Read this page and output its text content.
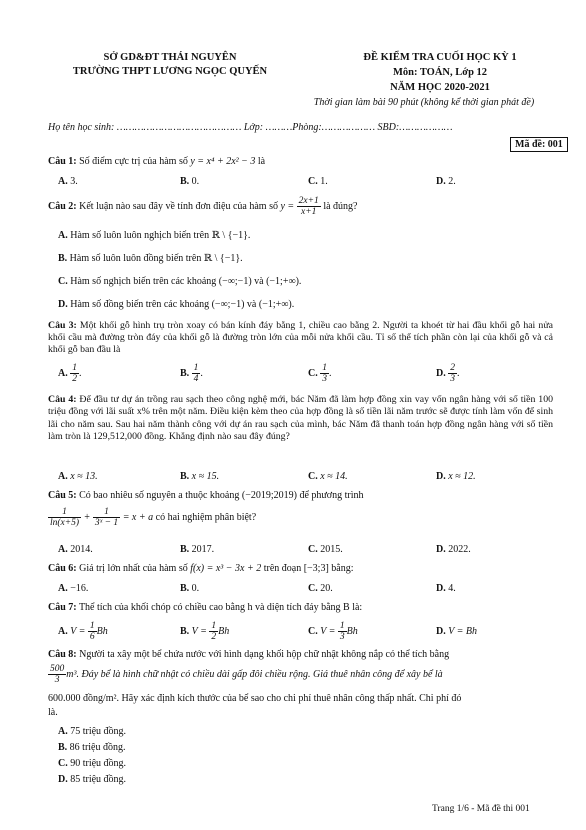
SỞ GD&ĐT THÁI NGUYÊN
TRƯỜNG THPT LƯƠNG NGỌC QUYẾN
ĐỀ KIỂM TRA CUỐI HỌC KỲ 1
Môn: TOÁN, Lớp 12
NĂM HỌC 2020-2021
Thời gian làm bài 90 phút (không kể thời gian phát đề)
Họ tên học sinh: …………………………………… Lớp: ………Phòng:……………… SBD:………………
Mã đề: 001
Câu 1: Số điểm cực trị của hàm số y = x⁴ + 2x² − 3 là
A. 3.	B. 0.	C. 1.	D. 2.
Câu 2: Kết luận nào sau đây về tính đơn điệu của hàm số $y = \frac{2x+1}{x+1}$ là đúng?
A. Hàm số luôn luôn nghịch biến trên ℝ \ {−1}.
B. Hàm số luôn luôn đồng biến trên ℝ \ {−1}.
C. Hàm số nghịch biến trên các khoảng (−∞;−1) và (−1;+∞).
D. Hàm số đồng biến trên các khoảng (−∞;−1) và (−1;+∞).
Câu 3: Một khối gỗ hình trụ tròn xoay có bán kính đáy bằng 1, chiều cao bằng 2. Người ta khoét từ hai đầu khối gỗ hai nửa khối cầu mà đường tròn đáy của khối gỗ là đường tròn lớn của mỗi nửa khối cầu. Tỉ số thể tích phần còn lại của khối gỗ và cả khối gỗ ban đầu là
A. $\frac{1}{2}$ .	B. $\frac{1}{4}$ .	C. $\frac{1}{3}$ .	D. $\frac{2}{3}$ .
Câu 4: Để đầu tư dự án trồng rau sạch theo công nghệ mới, bác Năm đã làm hợp đồng xin vay vốn ngân hàng với số tiền 100 triệu đồng với lãi suất x% trên một năm. Điều kiện kèm theo của hợp đồng là số tiền lãi năm trước sẽ được tính làm vốn để sinh lãi cho năm sau. Sau hai năm thành công với dự án rau sạch của mình, bác Năm đã thanh toán hợp đồng ngân hàng với số tiền làm tròn là 129,512,000 đồng. Khẳng định nào sau đây đúng?
A. x ≈ 13.	B. x ≈ 15.	C. x ≈ 14.	D. x ≈ 12.
Câu 5: Có bao nhiêu số nguyên a thuộc khoảng (−2019;2019) để phương trình
$\frac{1}{\ln(x+5)} + \frac{1}{\text{3ˣ − 1}} = x + a$ có hai nghiệm phân biệt?
A. 2014.	B. 2017.	C. 2015.	D. 2022.
Câu 6: Giá trị lớn nhất của hàm số f(x) = x³ − 3x + 2 trên đoạn [−3;3] bằng:
A. −16.	B. 0.	C. 20.	D. 4.
Câu 7: Thể tích của khối chóp có chiều cao bằng h và diện tích đáy bằng B là:
A. $V = \frac{1}{6}$ Bh	B. $V = \frac{1}{2}$ Bh	C. $V = \frac{1}{3}$ Bh	D. V = Bh
Câu 8: Người ta xây một bể chứa nước với hình dạng khối hộp chữ nhật không nắp có thể tích bằng
$\frac{500}{3} m^3$. Đáy bể là hình chữ nhật có chiều dài gấp đôi chiều rộng. Giá thuê nhân công để xây bể là
600.000 đồng/m². Hãy xác định kích thước của bể sao cho chi phí thuê nhân công thấp nhất. Chi phí đó
là.
A. 75 triệu đồng.
B. 86 triệu đồng.
C. 90 triệu đồng.
D. 85 triệu đồng.
Trang 1/6 - Mã đề thi 001
